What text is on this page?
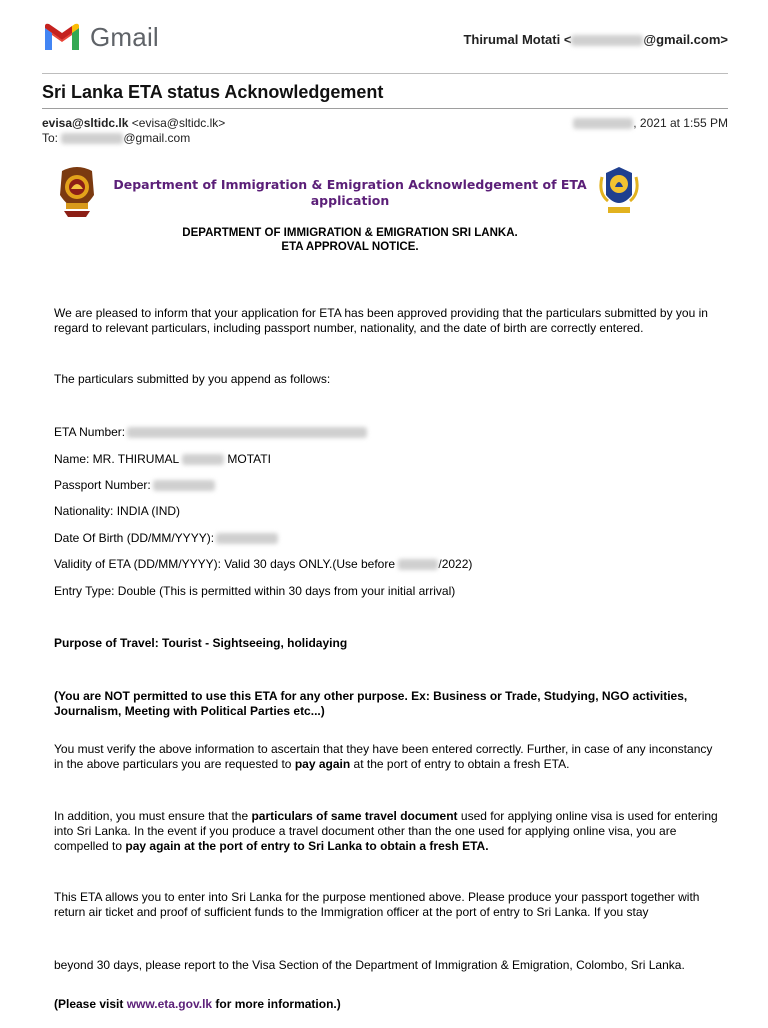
Gmail	Thirumal Motati <	@gmail.com>
Sri Lanka ETA status Acknowledgement
evisa@sltidc.lk <evisa@sltidc.lk>
To:	@gmail.com
, 2021 at 1:55 PM
Department of Immigration & Emigration Acknowledgement of ETA application
DEPARTMENT OF IMMIGRATION & EMIGRATION SRI LANKA.
ETA APPROVAL NOTICE.
We are pleased to inform that your application for ETA has been approved providing that the particulars submitted by you in regard to relevant particulars, including passport number, nationality, and the date of birth are correctly entered.
The particulars submitted by you append as follows:
ETA Number:
Name: MR. THIRUMAL	MOTATI
Passport Number:
Nationality: INDIA (IND)
Date Of Birth (DD/MM/YYYY):
Validity of ETA (DD/MM/YYYY): Valid 30 days ONLY.(Use before	/2022)
Entry Type: Double (This is permitted within 30 days from your initial arrival)
Purpose of Travel: Tourist - Sightseeing, holidaying
(You are NOT permitted to use this ETA for any other purpose. Ex: Business or Trade, Studying, NGO activities, Journalism, Meeting with Political Parties etc...)
You must verify the above information to ascertain that they have been entered correctly. Further, in case of any inconstancy in the above particulars you are requested to pay again at the port of entry to obtain a fresh ETA.
In addition, you must ensure that the particulars of same travel document used for applying online visa is used for entering into Sri Lanka. In the event if you produce a travel document other than the one used for applying online visa, you are compelled to pay again at the port of entry to Sri Lanka to obtain a fresh ETA.
This ETA allows you to enter into Sri Lanka for the purpose mentioned above. Please produce your passport together with return air ticket and proof of sufficient funds to the Immigration officer at the port of entry to Sri Lanka. If you stay
beyond 30 days, please report to the Visa Section of the Department of Immigration & Emigration, Colombo, Sri Lanka.
(Please visit www.eta.gov.lk for more information.)
